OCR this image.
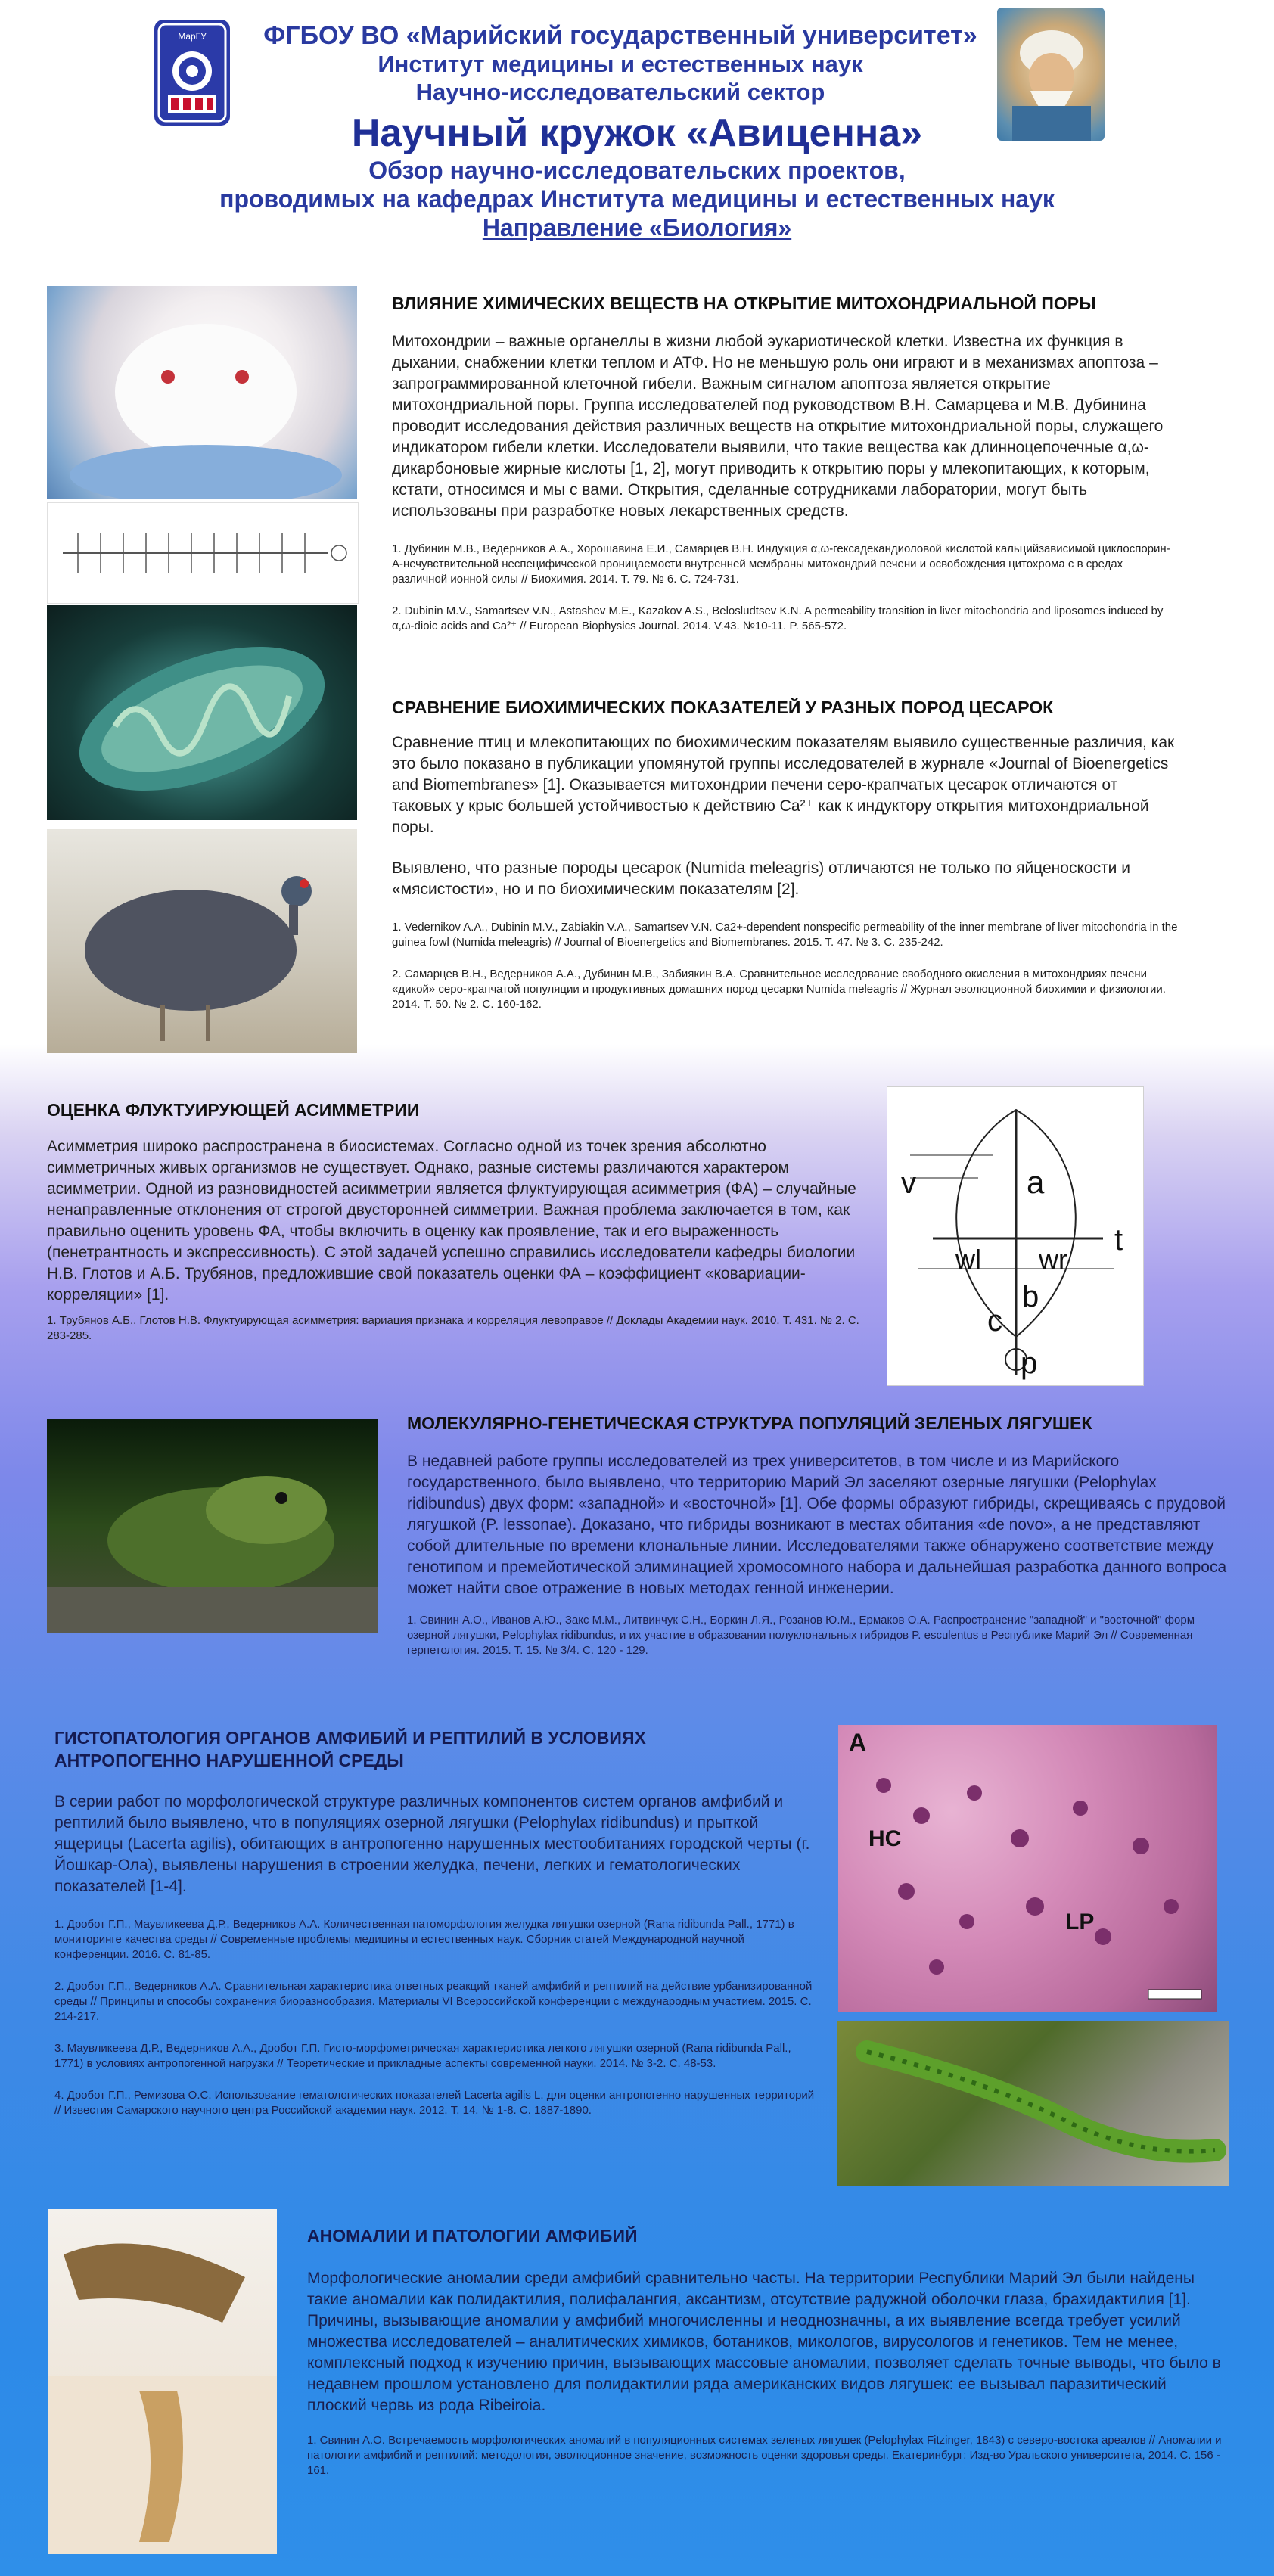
МарГУ	ФГБОУ ВО «Марийский государственный университет»
Институт медицины и естественных наук
Научно-исследовательский сектор
Научный кружок «Авиценна»
Обзор научно-исследовательских проектов,
проводимых на кафедрах Института медицины и естественных наук
Направление «Биология»
ВЛИЯНИЕ ХИМИЧЕСКИХ ВЕЩЕСТВ НА ОТКРЫТИЕ МИТОХОНДРИАЛЬНОЙ ПОРЫ

Митохондрии – важные органеллы в жизни любой эукариотической клетки. Известна их функция в дыхании, снабжении клетки теплом и АТФ. Но не меньшую роль они играют и в механизмах апоптоза – запрограммированной клеточной гибели. Важным сигналом апоптоза является открытие митохондриальной поры. Группа исследователей под руководством В.Н. Самарцева и М.В. Дубинина проводит исследования действия различных веществ на открытие митохондриальной поры, служащего индикатором гибели клетки. Исследователи выявили, что такие вещества как длинноцепочечные α,ω-дикарбоновые жирные кислоты [1, 2], могут приводить к открытию поры у млекопитающих, к которым, кстати, относимся и мы с вами. Открытия, сделанные сотрудниками лаборатории, могут быть использованы при разработке новых лекарственных средств.

1. Дубинин М.В., Ведерников А.А., Хорошавина Е.И., Самарцев В.Н. Индукция α,ω-гексадекандиоловой кислотой кальцийзависимой циклоспорин-А-нечувствительной неспецифической проницаемости внутренней мембраны митохондрий печени и освобождения цитохрома с в средах различной ионной силы // Биохимия. 2014. Т. 79. № 6. С. 724-731.

2. Dubinin M.V., Samartsev V.N., Astashev M.E., Kazakov A.S., Belosludtsev K.N. A permeability transition in liver mitochondria and liposomes induced by α,ω-dioic acids and Ca²⁺ // European Biophysics Journal. 2014. V.43. №10-11. P. 565-572.

СРАВНЕНИЕ БИОХИМИЧЕСКИХ ПОКАЗАТЕЛЕЙ У РАЗНЫХ ПОРОД ЦЕСАРОК

Сравнение птиц и млекопитающих по биохимическим показателям выявило существенные различия, как это было показано в публикации упомянутой группы исследователей в журнале «Journal of Bioenergetics and Biomembranes» [1]. Оказывается митохондрии печени серо-крапчатых цесарок отличаются от таковых у крыс большей устойчивостью к действию Ca²⁺ как к индуктору открытия митохондриальной поры.

Выявлено, что разные породы цесарок (Numida meleagris) отличаются не только по яйценоскости и «мясистости», но и по биохимическим показателям [2].

1. Vedernikov A.A., Dubinin M.V., Zabiakin V.A., Samartsev V.N. Ca2+-dependent nonspecific permeability of the inner membrane of liver mitochondria in the guinea fowl (Numida meleagris) // Journal of Bioenergetics and Biomembranes. 2015. T. 47. № 3. С. 235-242.

2. Самарцев В.Н., Ведерников А.А., Дубинин М.В., Забиякин В.А. Сравнительное исследование свободного окисления в митохондриях печени «дикой» серо-крапчатой популяции и продуктивных домашних пород цесарки Numida meleagris // Журнал эволюционной биохимии и физиологии. 2014. Т. 50. № 2. С. 160-162.

ОЦЕНКА ФЛУКТУИРУЮЩЕЙ АСИММЕТРИИ

Асимметрия широко распространена в биосистемах. Согласно одной из точек зрения абсолютно симметричных живых организмов не существует. Однако, разные системы различаются характером асимметрии. Одной из разновидностей асимметрии является флуктуирующая асимметрия (ФА) – случайные ненаправленные отклонения от строгой двусторонней симметрии. Важная проблема заключается в том, как правильно оценить уровень ФА, чтобы включить в оценку как проявление, так и его выраженность (пенетрантность и экспрессивность). С этой задачей успешно справились исследователи кафедры биологии Н.В. Глотов и А.Б. Трубянов, предложившие свой показатель оценки ФА – коэффициент «ковариации-корреляции» [1].

1. Трубянов А.Б., Глотов Н.В. Флуктуирующая асимметрия: вариация признака и корреляция левоправое // Доклады Академии наук. 2010. Т. 431. № 2. С. 283-285.

v	a
t
wl wr
b
c
p
МОЛЕКУЛЯРНО-ГЕНЕТИЧЕСКАЯ СТРУКТУРА ПОПУЛЯЦИЙ ЗЕЛЕНЫХ ЛЯГУШЕК

В недавней работе группы исследователей из трех университетов, в том числе и из Марийского государственного, было выявлено, что территорию Марий Эл заселяют озерные лягушки (Pelophylax ridibundus) двух форм: «западной» и «восточной» [1]. Обе формы образуют гибриды, скрещиваясь с прудовой лягушкой (P. lessonae). Доказано, что гибриды возникают в местах обитания «de novo», а не представляют собой длительные по времени клональные линии. Исследователями также обнаружено соответствие между генотипом и премейотической элиминацией хромосомного набора и дальнейшая разработка данного вопроса может найти свое отражение в новых методах генной инженерии.

1. Свинин А.О., Иванов А.Ю., Закс М.М., Литвинчук С.Н., Боркин Л.Я., Розанов Ю.М., Ермаков О.А. Распространение "западной" и "восточной" форм озерной лягушки, Pelophylax ridibundus, и их участие в образовании полуклональных гибридов P. esculentus в Республике Марий Эл // Современная герпетология. 2015. Т. 15. № 3/4. С. 120 - 129.

ГИСТОПАТОЛОГИЯ ОРГАНОВ АМФИБИЙ И РЕПТИЛИЙ В УСЛОВИЯХ
АНТРОПОГЕННО НАРУШЕННОЙ СРЕДЫ

В серии работ по морфологической структуре различных компонентов систем органов амфибий и рептилий было выявлено, что в популяциях озерной лягушки (Pelophylax ridibundus) и прыткой ящерицы (Lacerta agilis), обитающих в антропогенно нарушенных местообитаниях городской черты (г. Йошкар-Ола), выявлены нарушения в строении желудка, печени, легких и гематологических показателей [1-4].

1. Дробот Г.П., Маувликеева Д.Р., Ведерников А.А. Количественная патоморфология желудка лягушки озерной (Rana ridibunda Pall., 1771) в мониторинге качества среды // Современные проблемы медицины и естественных наук. Сборник статей Международной научной конференции. 2016. С. 81-85.

2. Дробот Г.П., Ведерников А.А. Сравнительная характеристика ответных реакций тканей амфибий и рептилий на действие урбанизированной среды // Принципы и способы сохранения биоразнообразия. Материалы VI Всероссийской конференции с международным участием. 2015. С. 214-217.

3. Маувликеева Д.Р., Ведерников А.А., Дробот Г.П. Гисто-морфометрическая характеристика легкого лягушки озерной (Rana ridibunda Pall., 1771) в условиях антропогенной нагрузки // Теоретические и прикладные аспекты современной науки. 2014. № 3-2. С. 48-53.

4. Дробот Г.П., Ремизова О.С. Использование гематологических показателей Lacerta agilis L. для оценки антропогенно нарушенных территорий // Известия Самарского научного центра Российской академии наук. 2012. Т. 14. № 1-8. С. 1887-1890.

A
HC
LP
АНОМАЛИИ И ПАТОЛОГИИ АМФИБИЙ

Морфологические аномалии среди амфибий сравнительно часты. На территории Республики Марий Эл были найдены такие аномалии как полидактилия, полифалангия, аксантизм, отсутствие радужной оболочки глаза, брахидактилия [1]. Причины, вызывающие аномалии у амфибий многочисленны и неоднозначны, а их выявление всегда требует усилий множества исследователей – аналитических химиков, ботаников, микологов, вирусологов и генетиков. Тем не менее, комплексный подход к изучению причин, вызывающих массовые аномалии, позволяет сделать точные выводы, что было в недавнем прошлом установлено для полидактилии ряда американских видов лягушек: ее вызывал паразитический плоский червь из рода Ribeiroia.

1. Свинин А.О. Встречаемость морфологических аномалий в популяционных системах зеленых лягушек (Pelophylax Fitzinger, 1843) с северо-востока ареалов // Аномалии и патологии амфибий и рептилий: методология, эволюционное значение, возможность оценки здоровья среды. Екатеринбург: Изд-во Уральского университета, 2014. С. 156 - 161.
